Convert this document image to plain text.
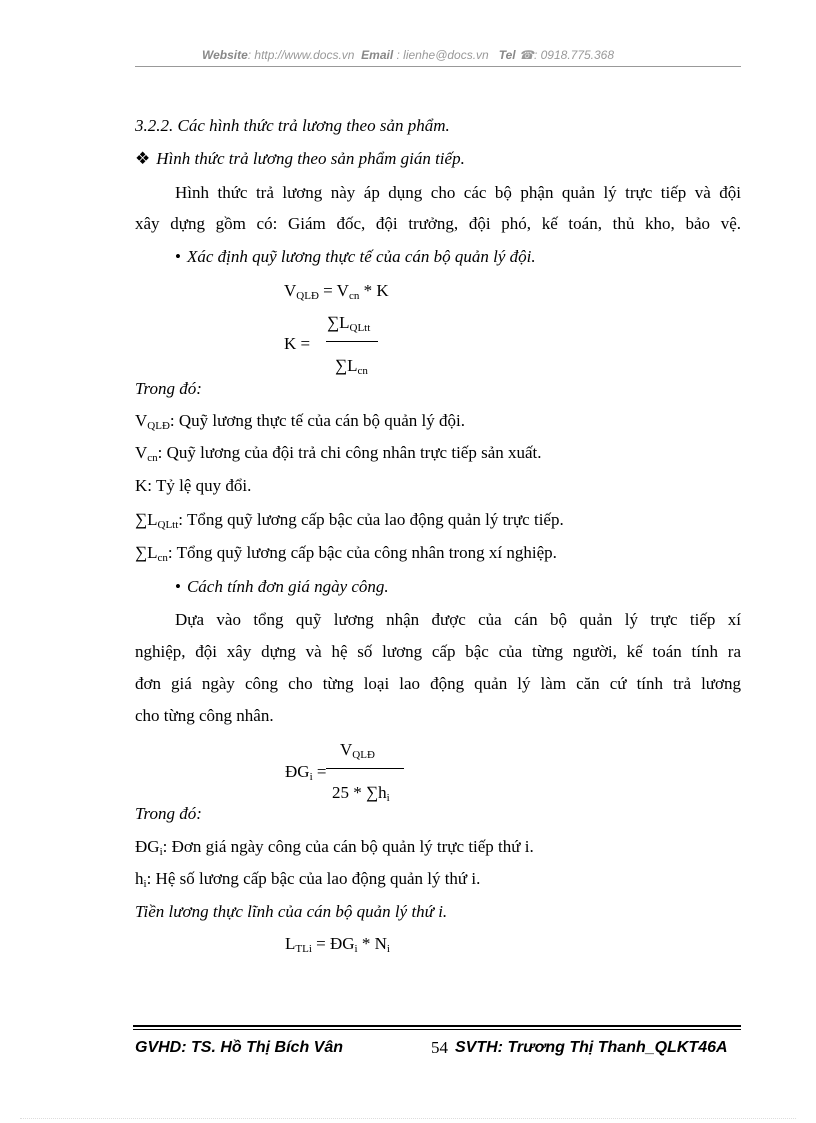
Website: http://www.docs.vn Email : lienhe@docs.vn Tel ☎: 0918.775.368
3.2.2. Các hình thức trả lương theo sản phẩm.
❖ Hình thức trả lương theo sản phẩm gián tiếp.
Hình thức trả lương này áp dụng cho các bộ phận quản lý trực tiếp và đội
xây dựng gồm có: Giám đốc, đội trưởng, đội phó, kế toán, thủ kho, bảo vệ.
• Xác định quỹ lương thực tế của cán bộ quản lý đội.
$V_{QLĐ} = V_{cn} * K$
K =
$\sum L_{QLtt}$
$\sum L_{cn}$
Trong đó:
$V_{QLĐ}$: Quỹ lương thực tế của cán bộ quản lý đội.
$V_{cn}$: Quỹ lương của đội trả chi công nhân trực tiếp sản xuất.
K: Tỷ lệ quy đổi.
$\sum L_{QLtt}$: Tổng quỹ lương cấp bậc của lao động quản lý trực tiếp.
$\sum L_{cn}$: Tổng quỹ lương cấp bậc của công nhân trong xí nghiệp.
• Cách tính đơn giá ngày công.
Dựa vào tổng quỹ lương nhận được của cán bộ quản lý trực tiếp xí
nghiệp, đội xây dựng và hệ số lương cấp bậc của từng người, kế toán tính ra
đơn giá ngày công cho từng loại lao động quản lý làm căn cứ tính trả lương
cho từng công nhân.
$ĐG_i$ =
$V_{QLĐ}$
$25 * \sum h_i$
Trong đó:
$ĐG_i$: Đơn giá ngày công của cán bộ quản lý trực tiếp thứ i.
$h_i$: Hệ số lương cấp bậc của lao động quản lý thứ i.
Tiền lương thực lĩnh của cán bộ quản lý thứ i.
$L_{TLi}$ = $ĐG_i * N_i$
GVHD: TS. Hồ Thị Bích Vân	54 SVTH: Trương Thị Thanh_QLKT46A
